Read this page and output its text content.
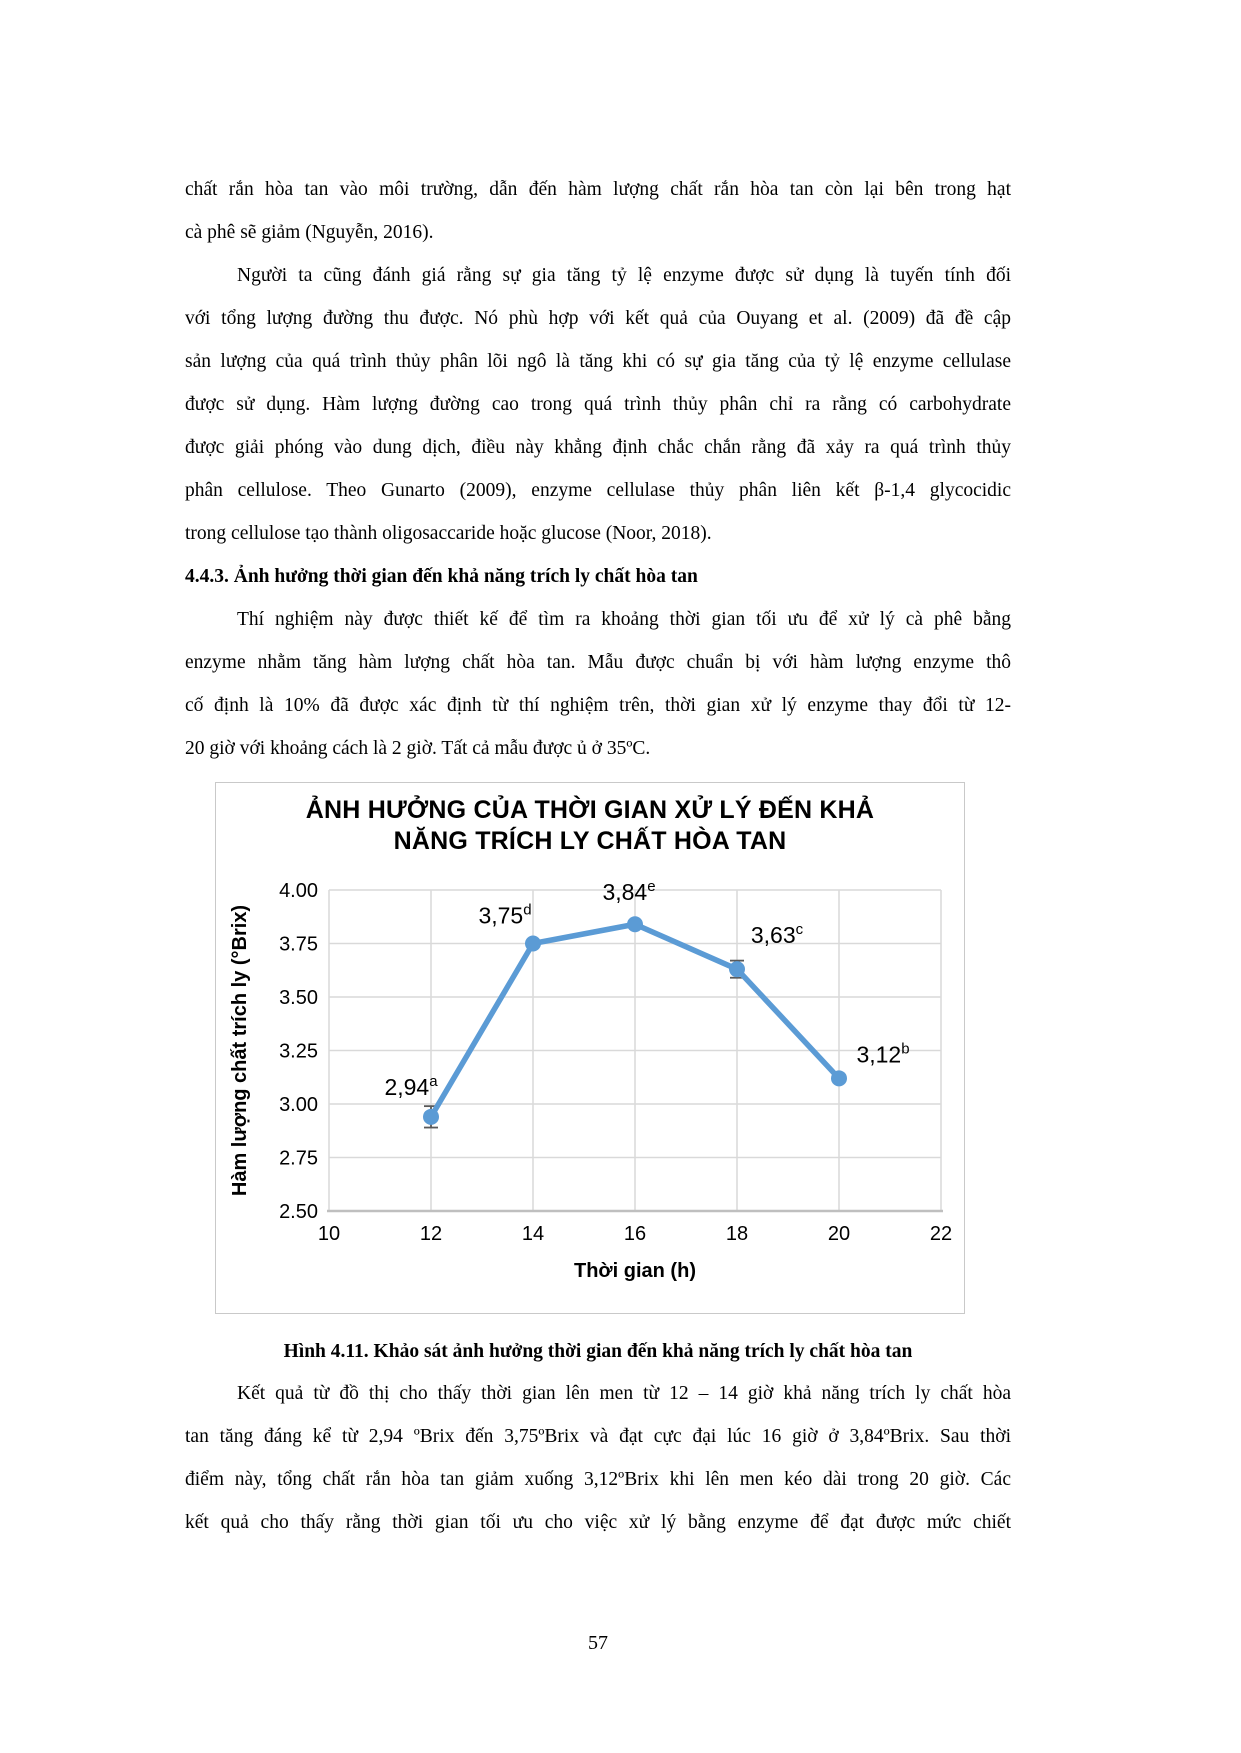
chất rắn hòa tan vào môi trường, dẫn đến hàm lượng chất rắn hòa tan còn lại bên trong hạt
cà phê sẽ giảm (Nguyễn, 2016).
Người ta cũng đánh giá rằng sự gia tăng tỷ lệ enzyme được sử dụng là tuyến tính đối
với tổng lượng đường thu được. Nó phù hợp với kết quả của Ouyang et al. (2009) đã đề cập
sản lượng của quá trình thủy phân lõi ngô là tăng khi có sự gia tăng của tỷ lệ enzyme cellulase
được sử dụng. Hàm lượng đường cao trong quá trình thủy phân chỉ ra rằng có carbohydrate
được giải phóng vào dung dịch, điều này khẳng định chắc chắn rằng đã xảy ra quá trình thủy
phân cellulose. Theo Gunarto (2009), enzyme cellulase thủy phân liên kết β-1,4 glycocidic
trong cellulose tạo thành oligosaccaride hoặc glucose (Noor, 2018).
4.4.3. Ảnh hưởng thời gian đến khả năng trích ly chất hòa tan
Thí nghiệm này được thiết kế để tìm ra khoảng thời gian tối ưu để xử lý cà phê bằng
enzyme nhằm tăng hàm lượng chất hòa tan. Mẫu được chuẩn bị với hàm lượng enzyme thô
cố định là 10% đã được xác định từ thí nghiệm trên, thời gian xử lý enzyme thay đổi từ 12-
20 giờ với khoảng cách là 2 giờ. Tất cả mẫu được ủ ở 35ºC.
ẢNH HƯỞNG CỦA THỜI GIAN XỬ LÝ ĐẾN KHẢ
NĂNG TRÍCH LY CHẤT HÒA TAN
4.00
3.75
3.50
3.25
3.00
2.75
2.50
10	12	14	16	18	20	22
2,94$^a$
3,75$^d$
3,84e
3,63$^c$
3,12$^b$
Thời gian (h)
Hàm lượng chất trích ly (°Brix)
Hình 4.11. Khảo sát ảnh hưởng thời gian đến khả năng trích ly chất hòa tan
Kết quả từ đồ thị cho thấy thời gian lên men từ 12 – 14 giờ khả năng trích ly chất hòa
tan tăng đáng kể từ 2,94 ºBrix đến 3,75ºBrix và đạt cực đại lúc 16 giờ ở 3,84ºBrix. Sau thời
điểm này, tổng chất rắn hòa tan giảm xuống 3,12ºBrix khi lên men kéo dài trong 20 giờ. Các
kết quả cho thấy rằng thời gian tối ưu cho việc xử lý bằng enzyme để đạt được mức chiết
57
